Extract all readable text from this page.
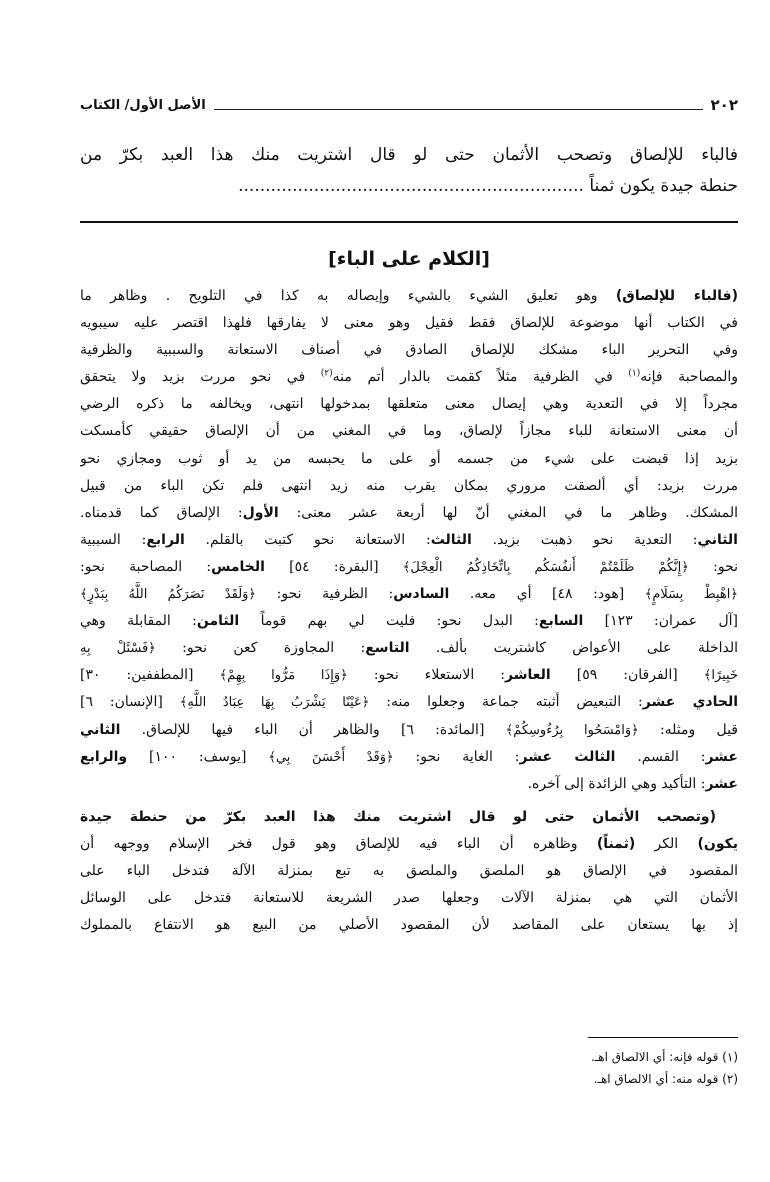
٢٠٢
الأصل الأول/ الكتاب
فالباء للإلصاق وتصحب الأثمان حتى لو قال اشتريت منك هذا العبد بكرّ من
حنطة جيدة يكون ثمناً ................................................................
[الكلام على الباء]
(فالباء للإلصاق) وهو تعليق الشيء بالشيء وإيصاله به كذا في التلويح . وظاهر ما
في الكتاب أنها موضوعة للإلصاق فقط فقيل وهو معنى لا يفارقها فلهذا اقتصر عليه سيبويه
وفي التحرير الباء مشكك للإلصاق الصادق في أصناف الاستعانة والسببية والظرفية
والمصاحبة فإنه$^{(١)}$ في الظرفية مثلاً كقمت بالدار أتم منه$^{(٢)}$ في نحو مررت بزيد ولا يتحقق
مجرداً إلا في التعدية وهي إيصال معنى متعلقها بمدخولها انتهى، ويخالفه ما ذكره الرضي
أن معنى الاستعانة للباء مجازاً لإلصاق، وما في المغني من أن الإلصاق حقيقي كأمسكت
بزيد إذا قبضت على شيء من جسمه أو على ما يحبسه من يد أو ثوب ومجازي نحو
مررت بزيد: أي ألصقت مروري بمكان يقرب منه زيد انتهى فلم تكن الباء من قبيل
المشكك. وظاهر ما في المغني أنّ لها أربعة عشر معنى: الأول: الإلصاق كما قدمناه.
الثاني: التعدية نحو ذهبت بزيد. الثالث: الاستعانة نحو كتبت بالقلم. الرابع: السببية
نحو: ﴿إِنَّكُمْ ظَلَمْتُمْ أَنفُسَكُم بِاتِّخَاذِكُمُ الْعِجْلَ﴾ [البقرة: ٥٤] الخامس: المصاحبة نحو:
﴿اهْبِطْ بِسَلَامٍ﴾ [هود: ٤٨] أي معه. السادس: الظرفية نحو: ﴿وَلَقَدْ نَصَرَكُمُ اللَّهُ بِبَدْرٍ﴾
[آل عمران: ١٢٣] السابع: البدل نحو: فليت لي بهم قوماً الثامن: المقابلة وهي
الداخلة على الأعواض كاشتريت بألف. التاسع: المجاوزة كعن نحو: ﴿فَسْئَلْ بِهِ
خَبِيرًا﴾ [الفرقان: ٥٩] العاشر: الاستعلاء نحو: ﴿وَإِذَا مَرُّوا بِهِمْ﴾ [المطففين: ٣٠]
الحادي عشر: التبعيض أثبته جماعة وجعلوا منه: ﴿عَيْنًا يَشْرَبُ بِهَا عِبَادُ اللَّهِ﴾ [الإنسان: ٦]
قيل ومثله: ﴿وَامْسَحُوا بِرُءُوسِكُمْ﴾ [المائدة: ٦] والظاهر أن الباء فيها للإلصاق. الثاني
عشر: القسم. الثالث عشر: الغاية نحو: ﴿وَقَدْ أَحْسَنَ بِي﴾ [يوسف: ١٠٠] والرابع
عشر: التأكيد وهي الزائدة إلى آخره.
(وتصحب الأثمان حتى لو قال اشتريت منك هذا العبد بكرّ من حنطة جيدة
يكون) الكر (ثمناً) وظاهره أن الباء فيه للإلصاق وهو قول فخر الإسلام ووجهه أن
المقصود في الإلصاق هو الملصق والملصق به تبع بمنزلة الآلة فتدخل الباء على
الأثمان التي هي بمنزلة الآلات وجعلها صدر الشريعة للاستعانة فتدخل على الوسائل
إذ بها يستعان على المقاصد لأن المقصود الأصلي من البيع هو الانتفاع بالمملوك
(١) قوله فإنه: أي الالصاق اهـ.
(٢) قوله منه: أي الالصاق اهـ.
